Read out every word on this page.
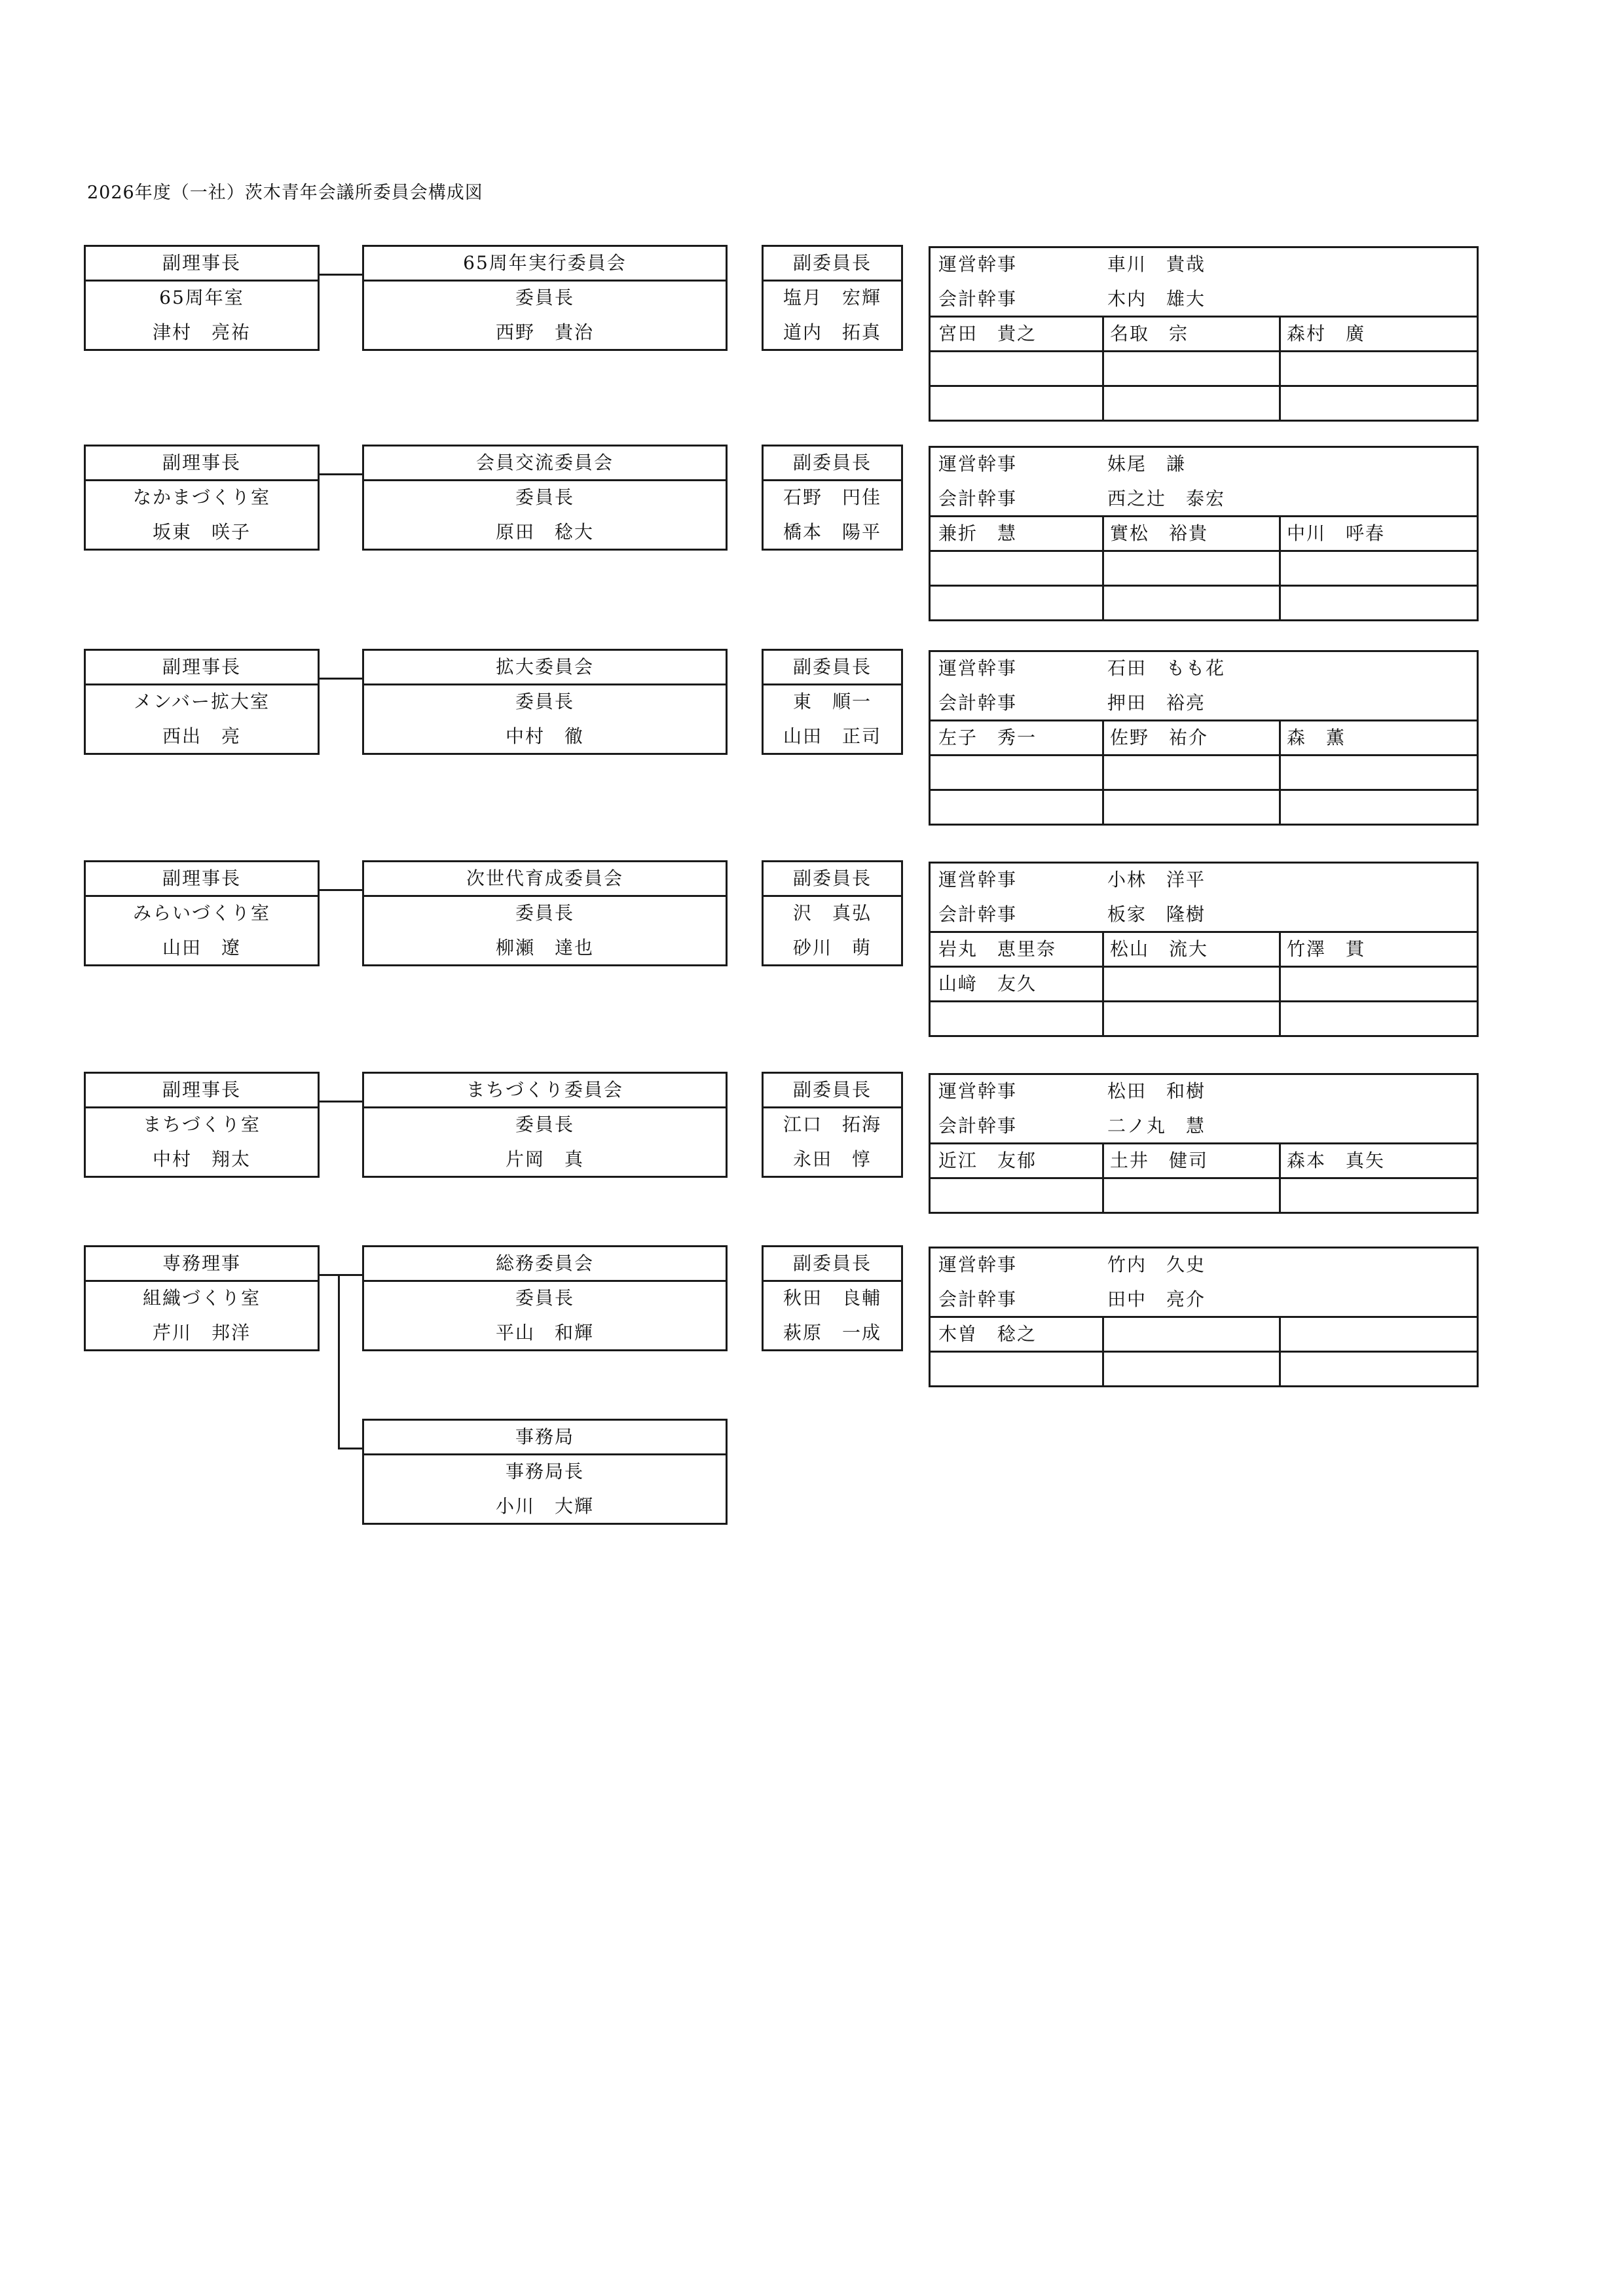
2026年度（一社）茨木青年会議所委員会構成図
副理事長
65周年室
津村　亮祐
65周年実行委員会
委員長
西野　貴治
副委員長
塩月　宏輝
道内　拓真
運営幹事	車川　貴哉
会計幹事	木内　雄大
宮田　貴之	名取　宗	森村　廣
副理事長
なかまづくり室
坂東　咲子
会員交流委員会
委員長
原田　稔大
副委員長
石野　円佳
橋本　陽平
運営幹事	妹尾　謙
会計幹事	西之辻　泰宏
兼折　慧	實松　裕貴	中川　呼春
副理事長
メンバー拡大室
西出　亮
拡大委員会
委員長
中村　徹
副委員長
東　順一
山田　正司
運営幹事	石田　もも花
会計幹事	押田　裕亮
左子　秀一	佐野　祐介	森　薫
副理事長
みらいづくり室
山田　遼
次世代育成委員会
委員長
柳瀬　達也
副委員長
沢　真弘
砂川　萌
運営幹事	小林　洋平
会計幹事	板家　隆樹
岩丸　恵里奈	松山　流大	竹澤　貫
山﨑　友久
副理事長
まちづくり室
中村　翔太
まちづくり委員会
委員長
片岡　真
副委員長
江口　拓海
永田　惇
運営幹事	松田　和樹
会計幹事	二ノ丸　慧
近江　友郁	土井　健司	森本　真矢
専務理事
組織づくり室
芹川　邦洋
総務委員会
委員長
平山　和輝
副委員長
秋田　良輔
萩原　一成
運営幹事	竹内　久史
会計幹事	田中　亮介
木曽　稔之
事務局
事務局長
小川　大輝
